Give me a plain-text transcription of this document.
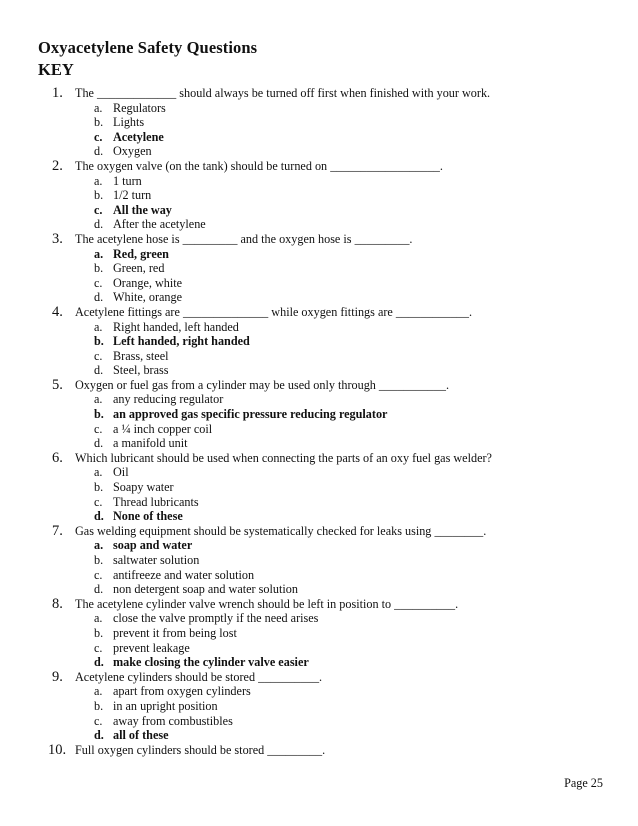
Oxyacetylene Safety Questions
KEY
1. The _____________ should always be turned off first when finished with your work.
a. Regulators
b. Lights
c. Acetylene
d. Oxygen
2. The oxygen valve (on the tank) should be turned on __________________.
a. 1 turn
b. 1/2 turn
c. All the way
d. After the acetylene
3. The acetylene hose is _________ and the oxygen hose is _________.
a. Red, green
b. Green, red
c. Orange, white
d. White, orange
4. Acetylene fittings are ______________ while oxygen fittings are ____________.
a. Right handed, left handed
b. Left handed, right handed
c. Brass, steel
d. Steel, brass
5. Oxygen or fuel gas from a cylinder may be used only through ___________.
a. any reducing regulator
b. an approved gas specific pressure reducing regulator
c. a ¼ inch copper coil
d. a manifold unit
6. Which lubricant should be used when connecting the parts of an oxy fuel gas welder?
a. Oil
b. Soapy water
c. Thread lubricants
d. None of these
7. Gas welding equipment should be systematically checked for leaks using ________.
a. soap and water
b. saltwater solution
c. antifreeze and water solution
d. non detergent soap and water solution
8. The acetylene cylinder valve wrench should be left in position to __________.
a. close the valve promptly if the need arises
b. prevent it from being lost
c. prevent leakage
d. make closing the cylinder valve easier
9. Acetylene cylinders should be stored __________.
a. apart from oxygen cylinders
b. in an upright position
c. away from combustibles
d. all of these
10. Full oxygen cylinders should be stored _________.
Page 25
